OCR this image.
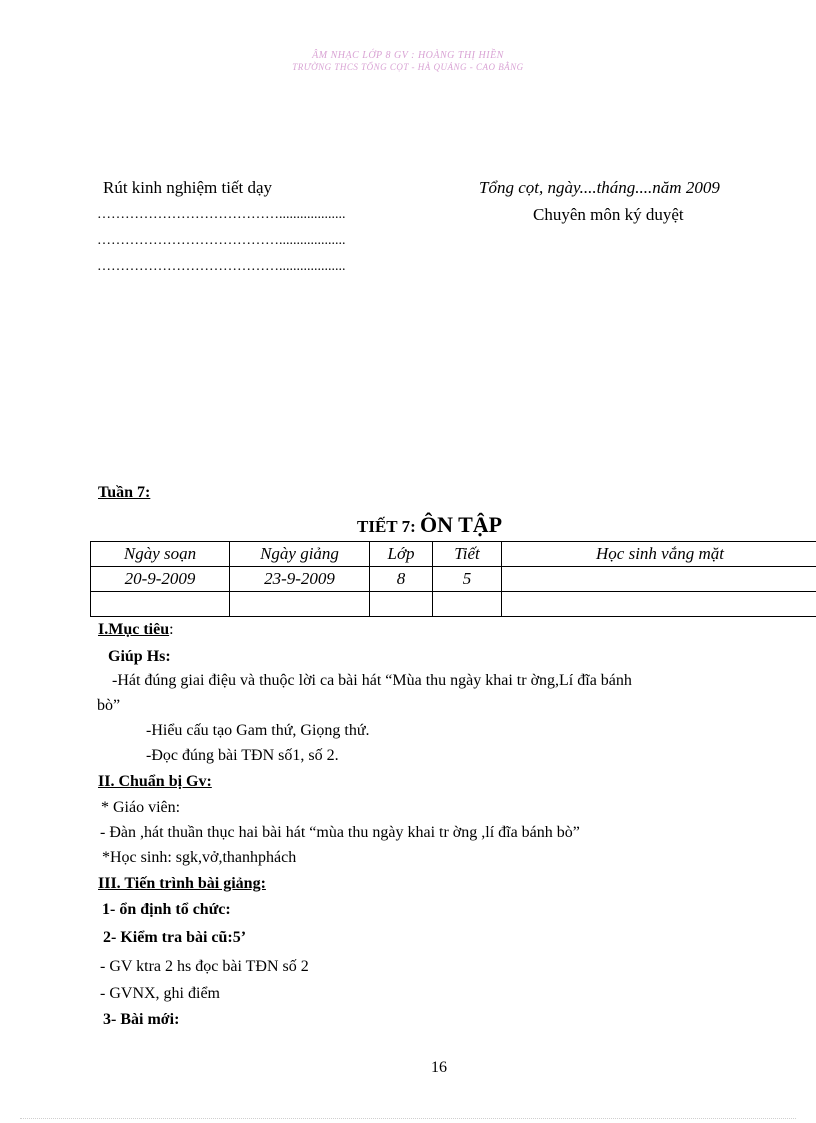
ÂM NHẠC LỚP 8 GV : HOÀNG THỊ HIỀN
TRƯỜNG THCS TỔNG CỌT - HÀ QUẢNG - CAO BẰNG
Rút kinh nghiệm tiết dạy
…………………………………...................
…………………………………...................
…………………………………...................
Tổng cọt, ngày....tháng....năm 2009
Chuyên môn ký duyệt
Tuần 7:
TIẾT 7: ÔN TẬP
Ngày soạn	Ngày giảng	Lớp	Tiết	Học sinh vắng mặt
20-9-2009	23-9-2009	8	5	

I.Mục tiêu:
Giúp Hs:
-Hát đúng giai điệu và thuộc lời ca bài hát “Mùa thu ngày khai tr ờng,Lí đĩa bánh
bò”
-Hiểu cấu tạo Gam thứ, Giọng thứ.
-Đọc đúng bài TĐN số1, số 2.
II. Chuẩn bị Gv:
* Giáo viên:
- Đàn ,hát thuần thục hai bài hát “mùa thu ngày khai tr ờng ,lí đĩa bánh bò”
*Học sinh: sgk,vở,thanhphách
III. Tiến trình bài giảng:
1- ổn định tổ chức:
2- Kiểm tra bài cũ:5’
- GV ktra 2 hs đọc bài TĐN số 2
- GVNX, ghi điểm
3- Bài mới:
16
